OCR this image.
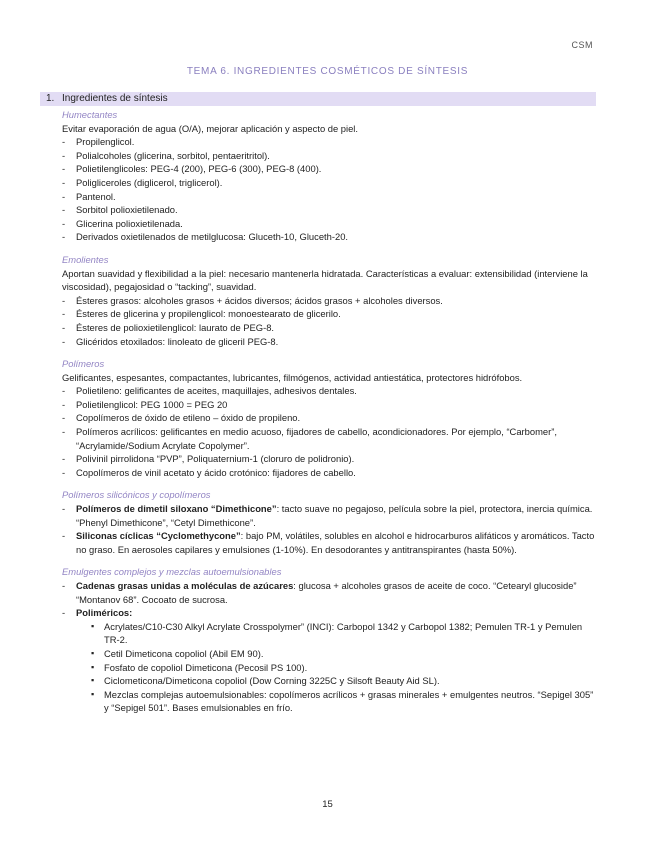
CSM
TEMA 6. INGREDIENTES COSMÉTICOS DE SÍNTESIS
1. Ingredientes de síntesis
Humectantes

Evitar evaporación de agua (O/A), mejorar aplicación y aspecto de piel.

- Propilenglicol.
- Polialcoholes (glicerina, sorbitol, pentaeritritol).
- Polietilenglicoles: PEG-4 (200), PEG-6 (300), PEG-8 (400).
- Poligliceroles (diglicerol, triglicerol).
- Pantenol.
- Sorbitol polioxietilenado.
- Glicerina polioxietilenada.
- Derivados oxietilenados de metilglucosa: Gluceth-10, Gluceth-20.
Emolientes

Aportan suavidad y flexibilidad a la piel: necesario mantenerla hidratada. Características a evaluar: extensibilidad (interviene la viscosidad), pegajosidad o “tacking”, suavidad.

- Ésteres grasos: alcoholes grasos + ácidos diversos; ácidos grasos + alcoholes diversos.
- Ésteres de glicerina y propilenglicol: monoestearato de glicerilo.
- Ésteres de polioxietilenglicol: laurato de PEG-8.
- Glicéridos etoxilados: linoleato de gliceril PEG-8.
Polímeros

Gelificantes, espesantes, compactantes, lubricantes, filmógenos, actividad antiestática, protectores hidrófobos.

- Polietileno: gelificantes de aceites, maquillajes, adhesivos dentales.
- Polietilenglicol: PEG 1000 = PEG 20
- Copolímeros de óxido de etileno – óxido de propileno.
- Polímeros acrílicos: gelificantes en medio acuoso, fijadores de cabello, acondicionadores. Por ejemplo, “Carbomer”, “Acrylamide/Sodium Acrylate Copolymer”.
- Polivinil pirrolidona “PVP”, Poliquaternium-1 (cloruro de polidronio).
- Copolímeros de vinil acetato y ácido crotónico: fijadores de cabello.
Polímeros silicónicos y copolímeros
- Polímeros de dimetil siloxano “Dimethicone”: tacto suave no pegajoso, película sobre la piel, protectora, inercia química. “Phenyl Dimethicone”, “Cetyl Dimethicone”.
- Siliconas cíclicas “Cyclomethycone”: bajo PM, volátiles, solubles en alcohol e hidrocarburos alifáticos y aromáticos. Tacto no graso. En aerosoles capilares y emulsiones (1-10%). En desodorantes y antitranspirantes (hasta 50%).
Emulgentes complejos y mezclas autoemulsionables
- Cadenas grasas unidas a moléculas de azúcares: glucosa + alcoholes grasos de aceite de coco. “Cetearyl glucoside” “Montanov 68”. Cocoato de sucrosa.
- Poliméricos:
▪ Acrylates/C10-C30 Alkyl Acrylate Crosspolymer” (INCI): Carbopol 1342 y Carbopol 1382; Pemulen TR-1 y Pemulen TR-2.
▪ Cetil Dimeticona copoliol (Abil EM 90).
▪ Fosfato de copoliol Dimeticona (Pecosil PS 100).
▪ Ciclometicona/Dimeticona copoliol (Dow Corning 3225C y Silsoft Beauty Aid SL).
▪ Mezclas complejas autoemulsionables: copolímeros acrílicos + grasas minerales + emulgentes neutros. “Sepigel 305” y “Sepigel 501”. Bases emulsionables en frío.
15
